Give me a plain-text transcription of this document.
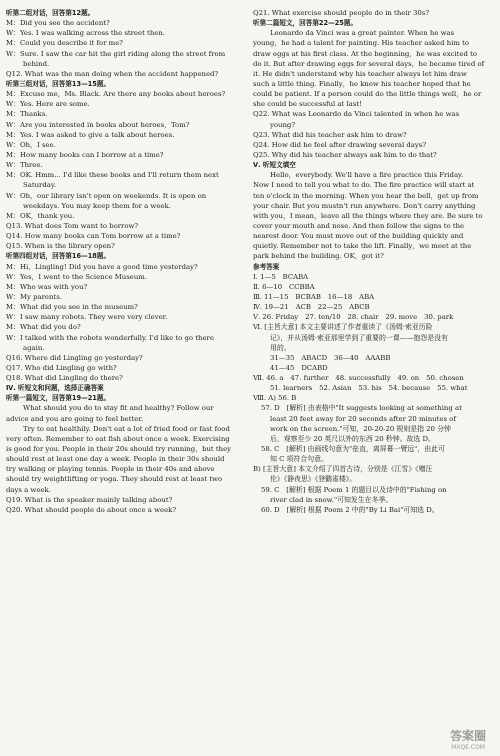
听第二组对话，回答第12题。
M：Did you see the accident?
W：Yes. I was walking across the street then.
M：Could you describe it for me?
W：Sure. I saw the car hit the girl riding along the street from
behind.
Q12. What was the man doing when the accident happened?
听第三组对话，回答第13—15题。
M：Excuse me，Ms. Black. Are there any books about heroes?
W：Yes. Here are some.
M：Thanks.
W：Are you interested in books about heroes，Tom?
M：Yes. I was asked to give a talk about heroes.
W：Oh，I see.
M：How many books can I borrow at a time?
W：Three.
M：OK. Hmm... I'd like these books and I'll return them next
Saturday.
W：Oh，our library isn't open on weekends. It is open on
weekdays. You may keep them for a week.
M：OK，thank you.
Q13. What does Tom want to borrow?
Q14. How many books can Tom borrow at a time?
Q15. When is the library open?
听第四组对话，回答第16—18题。
M：Hi，Lingling! Did you have a good time yesterday?
W：Yes，I went to the Science Museum.
M：Who was with you?
W：My parents.
M：What did you see in the museum?
W：I saw many robots. They were very clever.
M：What did you do?
W：I talked with the robots wonderfully. I'd like to go there
again.
Q16. Where did Lingling go yesterday?
Q17. Who did Lingling go with?
Q18. What did Lingling do there?
Ⅳ. 听短文和问题，选择正确答案
听第一篇短文，回答第19—21题。
What should you do to stay fit and healthy? Follow our
advice and you are going to feel better.
Try to eat healthily. Don't eat a lot of fried food or fast food
very often. Remember to eat fish about once a week. Exercising
is good for you. People in their 20s should try running，but they
should rest at least one day a week. People in their 30s should
try walking or playing tennis. People in their 40s and above
should try weightlifting or yoga. They should rest at least two
days a week.
Q19. What is the speaker mainly talking about?
Q20. What should people do about once a week?
Q21. What exercise should people do in their 30s?
听第二篇短文，回答第22—25题。
Leonardo da Vinci was a great painter. When he was
young，he had a talent for painting. His teacher asked him to
draw eggs at his first class. At the beginning，he was excited to
do it. But after drawing eggs for several days，he became tired of
it. He didn't understand why his teacher always let him draw
such a little thing. Finally，he knew his teacher hoped that he
could be patient. If a person could do the little things well，he or
she could be successful at last!
Q22. What was Leonardo da Vinci talented in when he was
young?
Q23. What did his teacher ask him to draw?
Q24. How did he feel after drawing several days?
Q25. Why did his teacher always ask him to do that?
Ⅴ. 听短文填空
Hello，everybody. We'll have a fire practice this Friday.
Now I need to tell you what to do. The fire practice will start at
ten o'clock in the morning. When you hear the bell，get up from
your chair. But you mustn't run anywhere. Don't carry anything
with you，I mean，leave all the things where they are. Be sure to
cover your mouth and nose. And then follow the signs to the
nearest door. You must move out of the building quickly and
quietly. Remember not to take the lift. Finally，we meet at the
park behind the building. OK，got it?
参考答案
Ⅰ. 1—5　BCABA
Ⅱ. 6—10　CCBBA
Ⅲ. 11—15　BCBAB　16—18　ABA
Ⅳ. 19—21　ACB　22—25　ABCB
Ⅴ. 26. Friday　27. ten/10　28. chair　29. move　30. park
Ⅵ. [主旨大意] 本文主要讲述了作者重读了《汤姆·索亚历险
记》，并从汤姆·索亚那里学到了重要的一课——抱怨是没有
用的。
31—35　ABACD　36—40　AAABB
41—45　DCABD
Ⅶ. 46. a　47. further　48. successfully　49. on　50. chosen
51. learners　52. Asian　53. his　54. because　55. what
Ⅷ. A) 56. B
57. D　[解析] 由表格中"It suggests looking at something at
least 20 feet away for 20 seconds after 20 minutes of
work on the screen."可知，20-20-20 规则是指 20 分钟
后，观察至少 20 英尺以外的东西 20 秒钟。故选 D。
58. C　[解析] 由画线句意为"垒直，离屏幕一臂远"，由此可
知 C 项符合句意。
B) [主旨大意] 本文介绍了四首古诗，分别是《江雪》《赠汪
伦》《静夜思》《登鹳雀楼》。
59. C　[解析] 根据 Poem 1 的题目以及诗中的"Fishing on
river clad in snow."可知发生在冬季。
60. D　[解析] 根据 Poem 2 中的"By Li Bai"可知选 D。
答案圈
MXQE.COM
